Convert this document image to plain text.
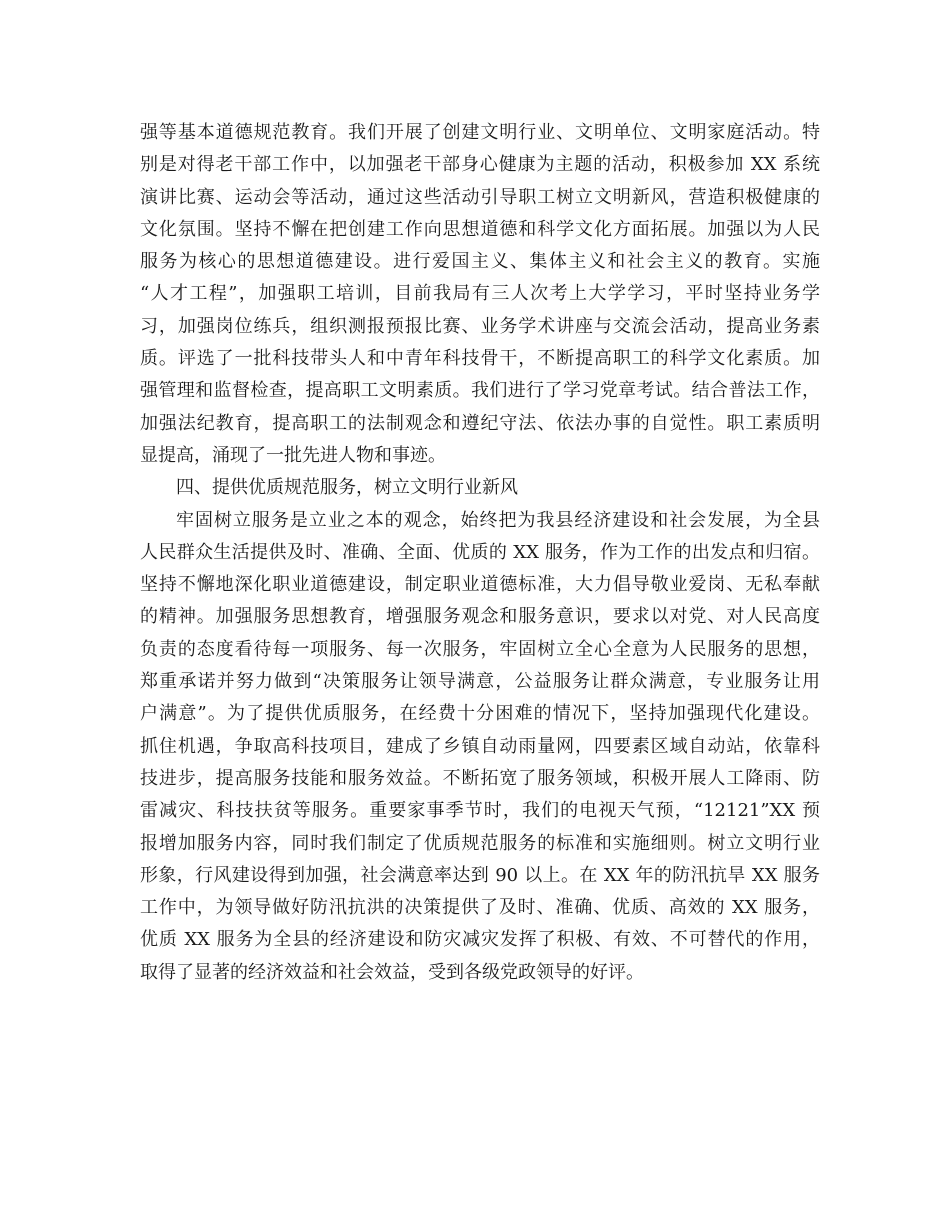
强等基本道德规范教育。我们开展了创建文明行业、文明单位、文明家庭活动。特
别是对得老干部工作中，以加强老干部身心健康为主题的活动，积极参加 XX 系统
演讲比赛、运动会等活动，通过这些活动引导职工树立文明新风，营造积极健康的
文化氛围。坚持不懈在把创建工作向思想道德和科学文化方面拓展。加强以为人民
服务为核心的思想道德建设。进行爱国主义、集体主义和社会主义的教育。实施
“人才工程”，加强职工培训，目前我局有三人次考上大学学习，平时坚持业务学
习，加强岗位练兵，组织测报预报比赛、业务学术讲座与交流会活动，提高业务素
质。评选了一批科技带头人和中青年科技骨干，不断提高职工的科学文化素质。加
强管理和监督检查，提高职工文明素质。我们进行了学习党章考试。结合普法工作，
加强法纪教育，提高职工的法制观念和遵纪守法、依法办事的自觉性。职工素质明
显提高，涌现了一批先进人物和事迹。
四、提供优质规范服务，树立文明行业新风
牢固树立服务是立业之本的观念，始终把为我县经济建设和社会发展，为全县
人民群众生活提供及时、准确、全面、优质的 XX 服务，作为工作的出发点和归宿。
坚持不懈地深化职业道德建设，制定职业道德标准，大力倡导敬业爱岗、无私奉献
的精神。加强服务思想教育，增强服务观念和服务意识，要求以对党、对人民高度
负责的态度看待每一项服务、每一次服务，牢固树立全心全意为人民服务的思想，
郑重承诺并努力做到“决策服务让领导满意，公益服务让群众满意，专业服务让用
户满意”。为了提供优质服务，在经费十分困难的情况下，坚持加强现代化建设。
抓住机遇，争取高科技项目，建成了乡镇自动雨量网，四要素区域自动站，依靠科
技进步，提高服务技能和服务效益。不断拓宽了服务领域，积极开展人工降雨、防
雷减灾、科技扶贫等服务。重要家事季节时，我们的电视天气预，“12121”XX 预
报增加服务内容，同时我们制定了优质规范服务的标准和实施细则。树立文明行业
形象，行风建设得到加强，社会满意率达到 90 以上。在 XX 年的防汛抗旱 XX 服务
工作中，为领导做好防汛抗洪的决策提供了及时、准确、优质、高效的 XX 服务，
优质 XX 服务为全县的经济建设和防灾减灾发挥了积极、有效、不可替代的作用，
取得了显著的经济效益和社会效益，受到各级党政领导的好评。
